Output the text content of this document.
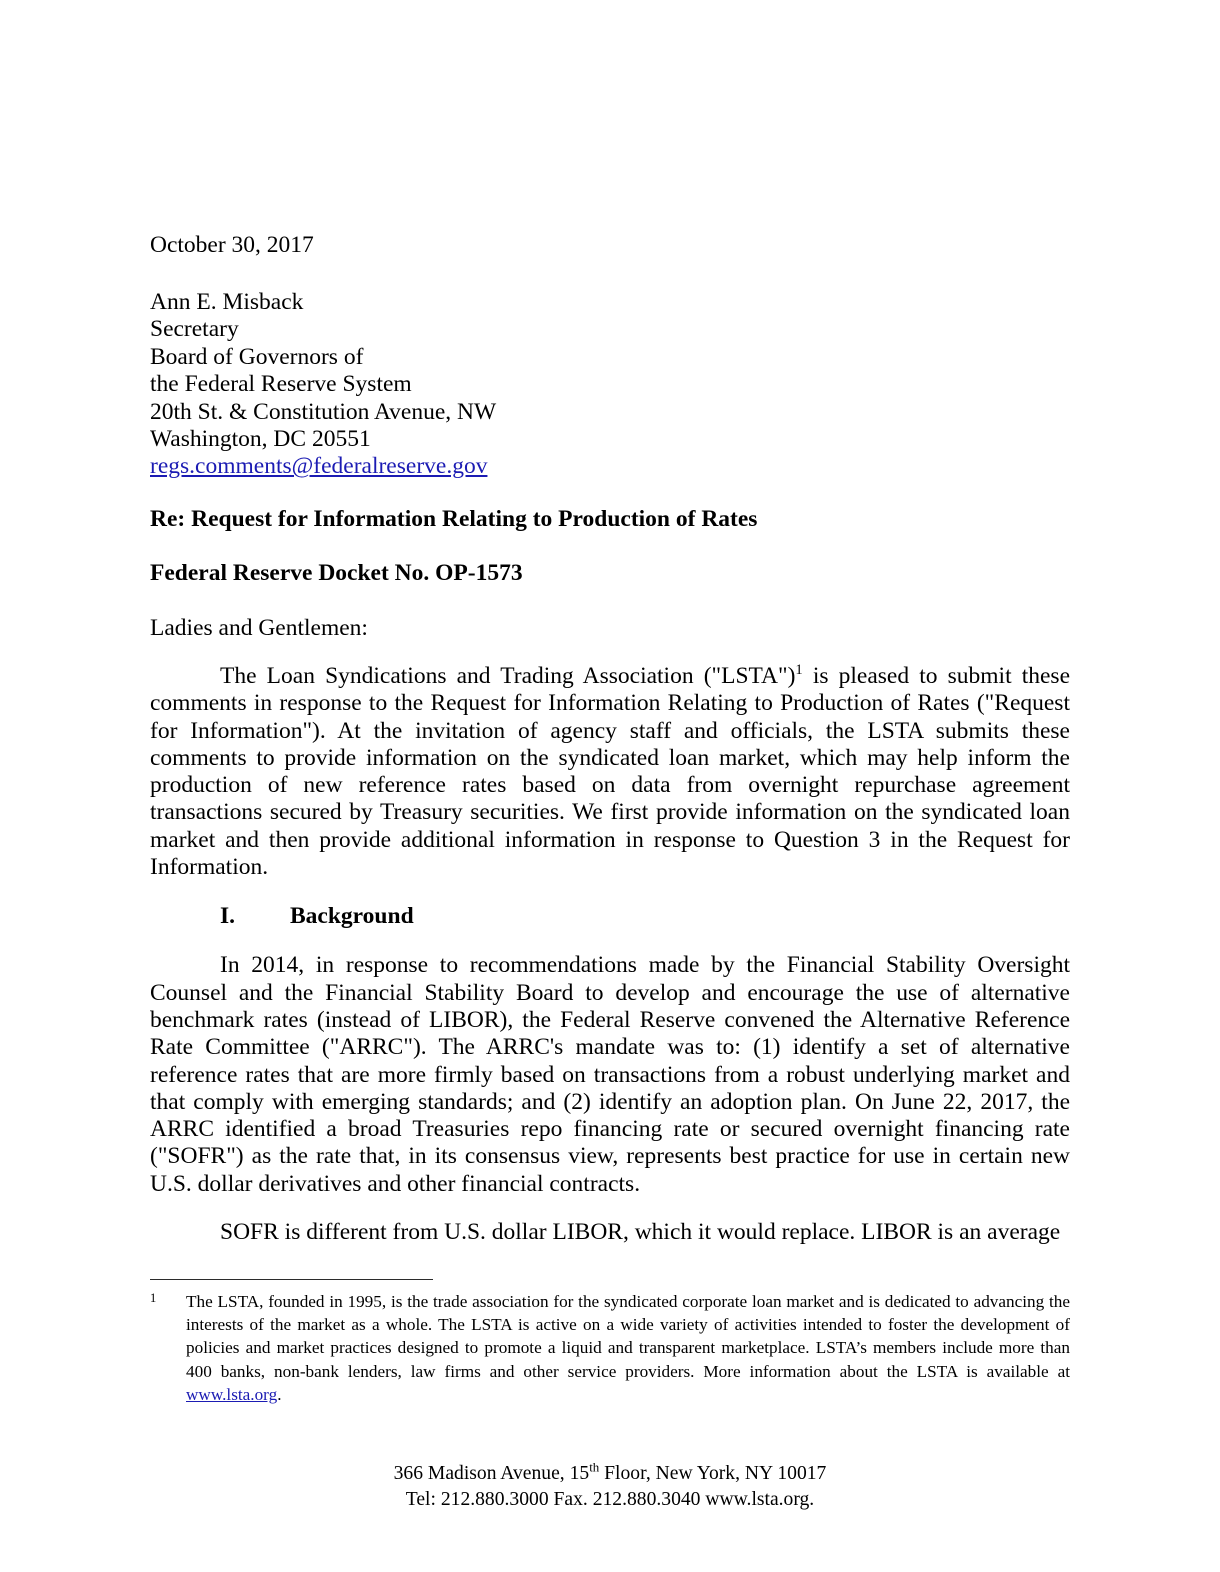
October 30, 2017
Ann E. Misback
Secretary
Board of Governors of
the Federal Reserve System
20th St. & Constitution Avenue, NW
Washington, DC 20551
regs.comments@federalreserve.gov
Re: Request for Information Relating to Production of Rates
Federal Reserve Docket No. OP-1573
Ladies and Gentlemen:

The Loan Syndications and Trading Association ("LSTA")$^1$ is pleased to submit these comments in response to the Request for Information Relating to Production of Rates ("Request for Information"). At the invitation of agency staff and officials, the LSTA submits these comments to provide information on the syndicated loan market, which may help inform the production of new reference rates based on data from overnight repurchase agreement transactions secured by Treasury securities. We first provide information on the syndicated loan market and then provide additional information in response to Question 3 in the Request for Information.

I.	Background

In 2014, in response to recommendations made by the Financial Stability Oversight Counsel and the Financial Stability Board to develop and encourage the use of alternative benchmark rates (instead of LIBOR), the Federal Reserve convened the Alternative Reference Rate Committee ("ARRC"). The ARRC's mandate was to: (1) identify a set of alternative reference rates that are more firmly based on transactions from a robust underlying market and that comply with emerging standards; and (2) identify an adoption plan. On June 22, 2017, the ARRC identified a broad Treasuries repo financing rate or secured overnight financing rate ("SOFR") as the rate that, in its consensus view, represents best practice for use in certain new U.S. dollar derivatives and other financial contracts.

SOFR is different from U.S. dollar LIBOR, which it would replace. LIBOR is an average

1 The LSTA, founded in 1995, is the trade association for the syndicated corporate loan market and is dedicated to advancing the interests of the market as a whole. The LSTA is active on a wide variety of activities intended to foster the development of policies and market practices designed to promote a liquid and transparent marketplace. LSTA’s members include more than 400 banks, non-bank lenders, law firms and other service providers. More information about the LSTA is available at www.lsta.org.
366 Madison Avenue, 15th Floor, New York, NY 10017
Tel: 212.880.3000 Fax. 212.880.3040 www.lsta.org.
